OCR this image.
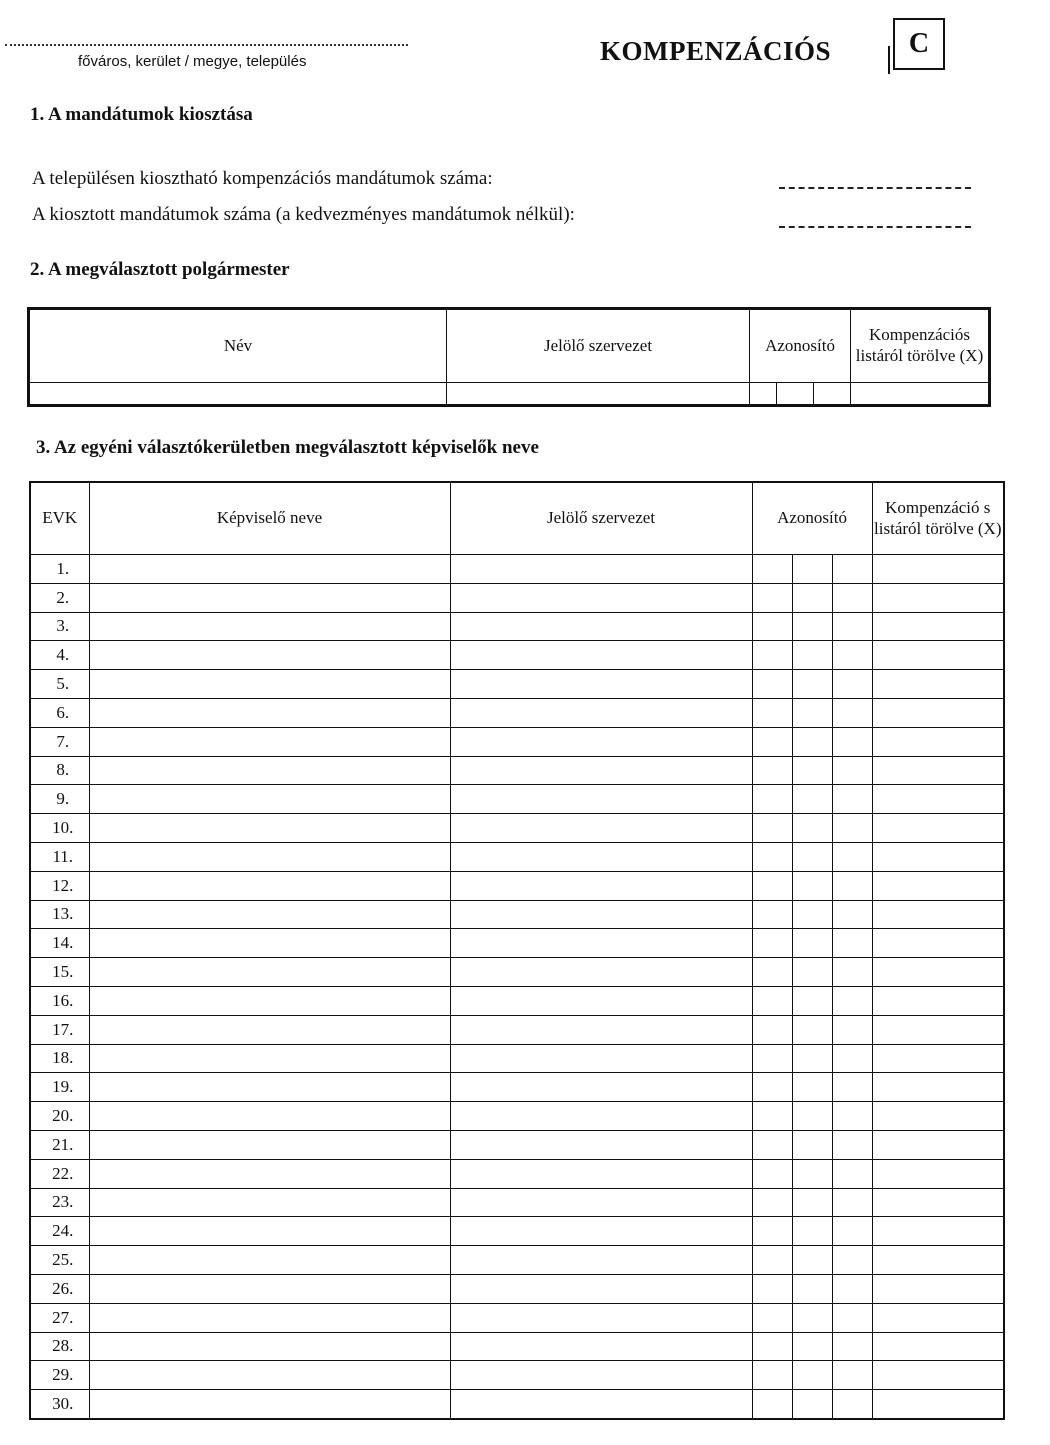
főváros, kerület / megye, település	KOMPENZÁCIÓS	C
1. A mandátumok kiosztása
A településen kiosztható kompenzációs mandátumok száma:
A kiosztott mandátumok száma (a kedvezményes mandátumok nélkül):
2. A megválasztott polgármester
Név	Jelölő szervezet	Azonosító			Kompenzációs listáról törölve (X)

3. Az egyéni választókerületben megválasztott képviselők neve
EVK	Képviselő neve	Jelölő szervezet	Azonosító			Kompenzáció s listáról törölve (X)
1.						
2.						
3.						
4.						
5.						
6.						
7.						
8.						
9.						
10.						
11.						
12.						
13.						
14.						
15.						
16.						
17.						
18.						
19.						
20.						
21.						
22.						
23.						
24.						
25.						
26.						
27.						
28.						
29.						
30.						
